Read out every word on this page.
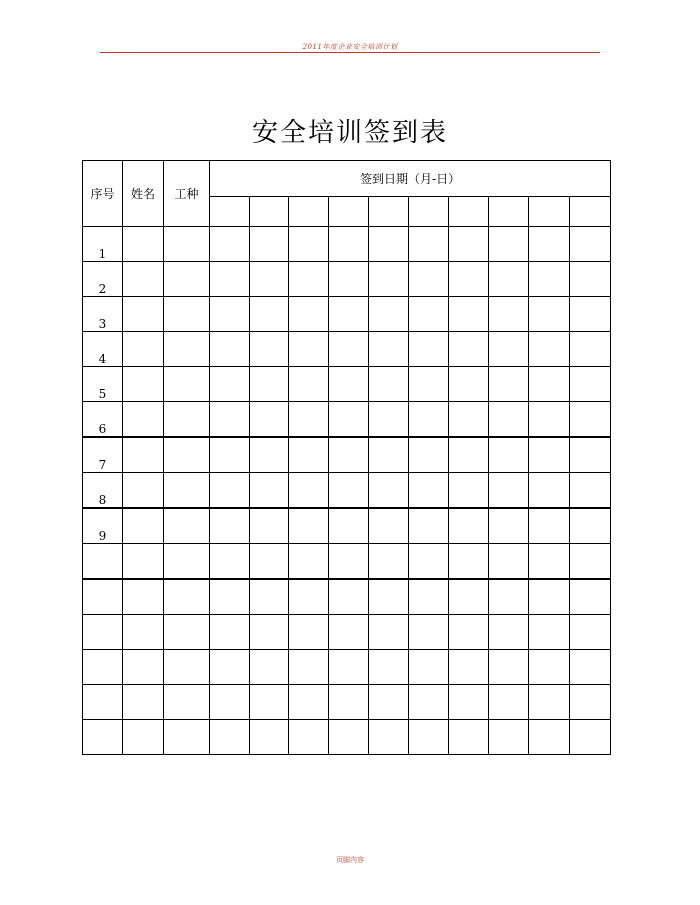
2011年度企业安全培训计划
安全培训签到表
序号	姓名	工种	签到日期（月-日）									

1												
2												
3												
4												
5												
6												
7												
8												
9												

页脚内容
